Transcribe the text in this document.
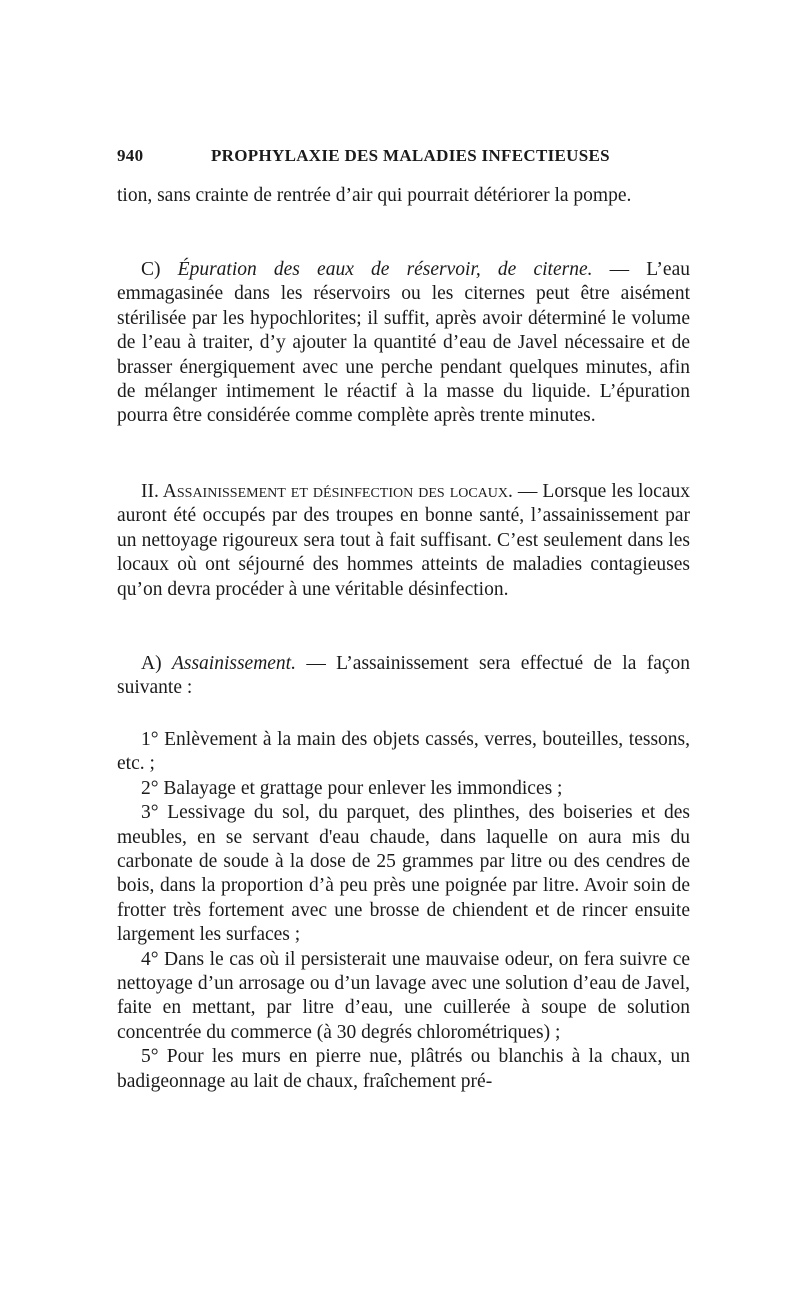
940	PROPHYLAXIE DES MALADIES INFECTIEUSES

tion, sans crainte de rentrée d’air qui pourrait détériorer la pompe.

C) Épuration des eaux de réservoir, de citerne. — L’eau emmagasinée dans les réservoirs ou les citernes peut être aisément stérilisée par les hypochlorites; il suffit, après avoir déterminé le volume de l’eau à traiter, d’y ajouter la quantité d’eau de Javel nécessaire et de brasser énergiquement avec une perche pendant quelques minutes, afin de mélanger intimement le réactif à la masse du liquide. L’épuration pourra être considérée comme complète après trente minutes.

II. Assainissement et désinfection des locaux. — Lorsque les locaux auront été occupés par des troupes en bonne santé, l’assainissement par un nettoyage rigoureux sera tout à fait suffisant. C’est seulement dans les locaux où ont séjourné des hommes atteints de maladies contagieuses qu’on devra procéder à une véritable désinfection.

A) Assainissement. — L’assainissement sera effectué de la façon suivante :

1° Enlèvement à la main des objets cassés, verres, bouteilles, tessons, etc. ;

2° Balayage et grattage pour enlever les immondices ;

3° Lessivage du sol, du parquet, des plinthes, des boiseries et des meubles, en se servant d'eau chaude, dans laquelle on aura mis du carbonate de soude à la dose de 25 grammes par litre ou des cendres de bois, dans la proportion d’à peu près une poignée par litre. Avoir soin de frotter très fortement avec une brosse de chiendent et de rincer ensuite largement les surfaces ;

4° Dans le cas où il persisterait une mauvaise odeur, on fera suivre ce nettoyage d’un arrosage ou d’un lavage avec une solution d’eau de Javel, faite en mettant, par litre d’eau, une cuillerée à soupe de solution concentrée du commerce (à 30 degrés chlorométriques) ;

5° Pour les murs en pierre nue, plâtrés ou blanchis à la chaux, un badigeonnage au lait de chaux, fraîchement pré-
